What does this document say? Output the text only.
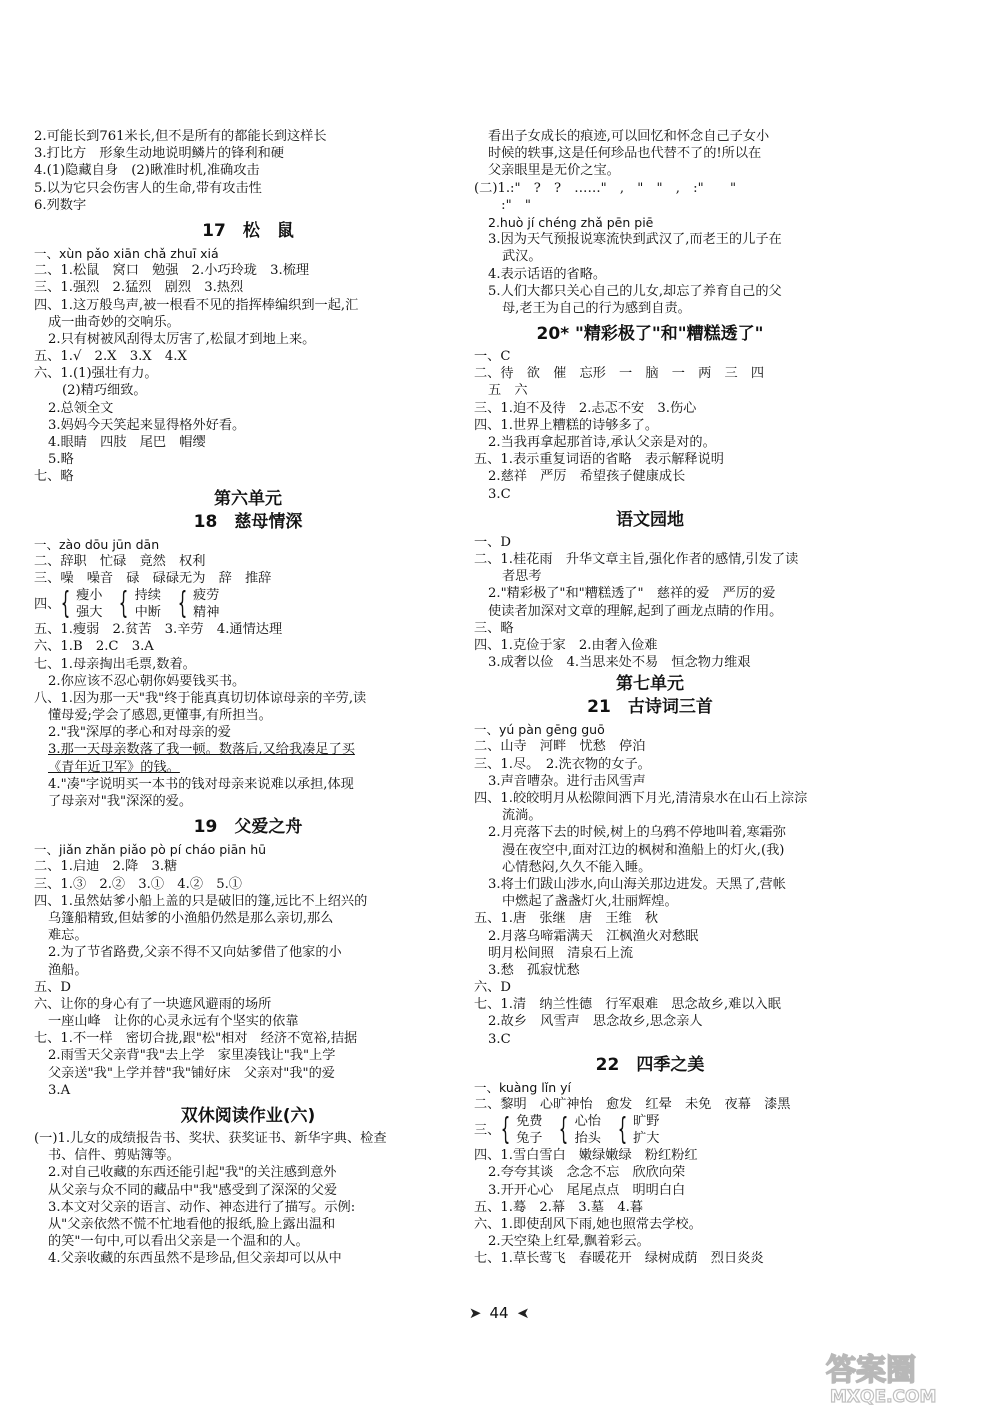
2.可能长到761米长,但不是所有的都能长到这样长
3.打比方　形象生动地说明鳞片的锋利和硬
4.(1)隐藏自身　(2)瞅准时机,准确攻击
5.以为它只会伤害人的生命,带有攻击性
6.列数字
17　松　鼠
一、xùn pǎo xiān chǎ zhuī xiá
二、1.松鼠　窝口　勉强　2.小巧玲珑　3.梳理
三、1.强烈　2.猛烈　剧烈　3.热烈
四、1.这万般鸟声,被一根看不见的指挥棒编织到一起,汇
成一曲奇妙的交响乐。
2.只有树被风刮得太厉害了,松鼠才到地上来。
五、1.√　2.X　3.X　4.X
六、1.(1)强壮有力。
(2)精巧细致。
2.总领全文
3.妈妈今天笑起来显得格外好看。
4.眼睛　四肢　尾巴　帽缨
5.略
七、略
第六单元
18　慈母情深
一、zào dōu jūn dān
二、辞职　忙碌　竟然　权利
三、噪　噪音　碌　碌碌无为　辞　推辞
四、 { 瘦小
强大 { 持续
中断 { 疲劳
精神
五、1.瘦弱　2.贫苦　3.辛劳　4.通情达理
六、1.B　2.C　3.A
七、1.母亲掏出毛票,数着。
2.你应该不忍心朝你妈要钱买书。
八、1.因为那一天"我"终于能真真切切体谅母亲的辛劳,读
懂母爱;学会了感恩,更懂事,有所担当。
2."我"深厚的孝心和对母亲的爱
3.那一天母亲数落了我一顿。数落后,又给我凑足了买
《青年近卫军》的钱。
4."凑"字说明买一本书的钱对母亲来说难以承担,体现
了母亲对"我"深深的爱。
19　父爱之舟
一、jiǎn zhǎn piǎo pò pí cháo piān hū
二、1.启迪　2.降　3.糖
三、1.③　2.②　3.①　4.②　5.①
四、1.虽然姑爹小船上盖的只是破旧的篷,远比不上绍兴的
乌篷船精致,但姑爹的小渔船仍然是那么亲切,那么
难忘。
2.为了节省路费,父亲不得不又向姑爹借了他家的小
渔船。
五、D
六、让你的身心有了一块遮风避雨的场所
一座山峰　让你的心灵永远有个坚实的依靠
七、1.不一样　密切合拢,跟"松"相对　经济不宽裕,拮据
2.雨雪天父亲背"我"去上学　家里凑钱让"我"上学
父亲送"我"上学并替"我"铺好床　父亲对"我"的爱
3.A
双休阅读作业(六)
(一)1.儿女的成绩报告书、奖状、获奖证书、新华字典、检查
书、信件、剪贴簿等。
2.对自己收藏的东西还能引起"我"的关注感到意外
从父亲与众不同的藏品中"我"感受到了深深的父爱
3.本文对父亲的语言、动作、神态进行了描写。示例:
从"父亲依然不慌不忙地看他的报纸,脸上露出温和
的笑"一句中,可以看出父亲是一个温和的人。
4.父亲收藏的东西虽然不是珍品,但父亲却可以从中
看出子女成长的痕迹,可以回忆和怀念自己子女小
时候的轶事,这是任何珍品也代替不了的!所以在
父亲眼里是无价之宝。
(二)1.:"　?　?　……"　,　"　"　,　:"　　"
　:"　"
2.huò jí chéng zhǎ pēn piē
3.因为天气预报说寒流快到武汉了,而老王的儿子在
武汉。
4.表示话语的省略。
5.人们大都只关心自己的儿女,却忘了养育自己的父
母,老王为自己的行为感到自责。
20* "精彩极了"和"糟糕透了"
一、C
二、待　欲　催　忘形　一　脑　一　两　三　四
五　六
三、1.迫不及待　2.忐忑不安　3.伤心
四、1.世界上糟糕的诗够多了。
2.当我再拿起那首诗,承认父亲是对的。
五、1.表示重复词语的省略　表示解释说明
2.慈祥　严厉　希望孩子健康成长
3.C
语文园地
一、D
二、1.桂花雨　升华文章主旨,强化作者的感情,引发了读
者思考
2."精彩极了"和"糟糕透了"　慈祥的爱　严厉的爱
使读者加深对文章的理解,起到了画龙点睛的作用。
三、略
四、1.克俭于家　2.由奢入俭难
3.成奢以俭　4.当思来处不易　恒念物力维艰
第七单元
21　古诗词三首
一、yú pàn gēng guō
二、山寺　河畔　忧愁　停泊
三、1.尽。　2.洗衣物的女子。
3.声音嘈杂。进行击风雪声
四、1.皎皎明月从松隙间洒下月光,清清泉水在山石上淙淙
流淌。
2.月亮落下去的时候,树上的乌鸦不停地叫着,寒霜弥
漫在夜空中,面对江边的枫树和渔船上的灯火,(我)
心情愁闷,久久不能入睡。
3.将士们跋山涉水,向山海关那边进发。天黑了,营帐
中燃起了盏盏灯火,壮丽辉煌。
五、1.唐　张继　唐　王维　秋
2.月落乌啼霜满天　江枫渔火对愁眠
明月松间照　清泉石上流
3.愁　孤寂忧愁
六、D
七、1.清　纳兰性德　行军艰难　思念故乡,难以入眠
2.故乡　风雪声　思念故乡,思念亲人
3.C
22　四季之美
一、kuàng lǐn yí
二、黎明　心旷神怡　愈发　红晕　未免　夜幕　漆黑
三、 { 免费
兔子 { 心怡
抬头 { 旷野
扩大
四、1.雪白雪白　嫩绿嫩绿　粉红粉红
2.夸夸其谈　念念不忘　欣欣向荣
3.开开心心　尾尾点点　明明白白
五、1.蓦　2.幕　3.墓　4.暮
六、1.即使刮风下雨,她也照常去学校。
2.天空染上红晕,飘着彩云。
七、1.草长莺飞　春暖花开　绿树成荫　烈日炎炎
➤ 44 ➤
答案圈
MXQE.COM
